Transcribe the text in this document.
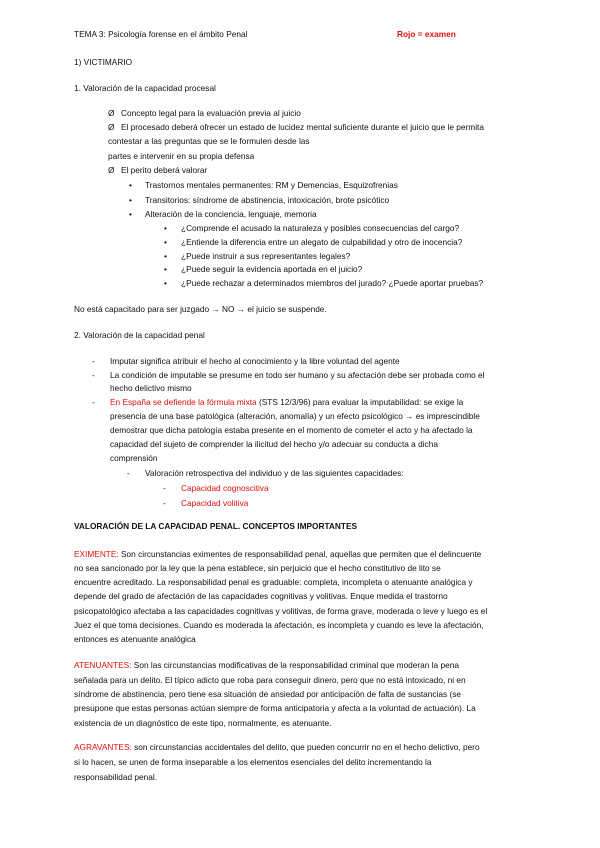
TEMA 3: Psicología forense en el ámbito Penal	Rojo = examen
1) VICTIMARIO
1. Valoración de la capacidad procesal
Ø Concepto legal para la evaluación previa al juicio
Ø El procesado deberá ofrecer un estado de lucidez mental suficiente durante el juicio que le permita
contestar a las preguntas que se le formulen desde las
partes e intervenir en su propia defensa
Ø El perito deberá valorar
• Trastornos mentales permanentes: RM y Demencias, Esquizofrenias
• Transitorios: síndrome de abstinencia, intoxicación, brote psicótico
• Alteración de la conciencia, lenguaje, memoria
• ¿Comprende el acusado la naturaleza y posibles consecuencias del cargo?
• ¿Entiende la diferencia entre un alegato de culpabilidad y otro de inocencia?
• ¿Puede instruir a sus representantes legales?
• ¿Puede seguir la evidencia aportada en el juicio?
• ¿Puede rechazar a determinados miembros del jurado? ¿Puede aportar pruebas?
No está capacitado para ser juzgado → NO → el juicio se suspende.
2. Valoración de la capacidad penal
- Imputar significa atribuir el hecho al conocimiento y la libre voluntad del agente
- La condición de imputable se presume en todo ser humano y su afectación debe ser probada como el
hecho delictivo mismo
- En España se defiende la fórmula mixta (STS 12/3/96) para evaluar la imputabilidad: se exige la
presencia de una base patológica (alteración, anomalía) y un efecto psicológico → es imprescindible
demostrar que dicha patología estaba presente en el momento de cometer el acto y ha afectado la
capacidad del sujeto de comprender la ilicitud del hecho y/o adecuar su conducta a dicha
comprensión
- Valoración retrospectiva del individuo y de las siguientes capacidades:
- Capacidad cognoscitiva
- Capacidad volitiva
VALORACIÓN DE LA CAPACIDAD PENAL. CONCEPTOS IMPORTANTES
EXIMENTE: Son circunstancias eximentes de responsabilidad penal, aquellas que permiten que el delincuente
no sea sancionado por la ley que la pena establece, sin perjuicio que el hecho constitutivo de lito se
encuentre acreditado. La responsabilidad penal es graduable: completa, incompleta o atenuante analógica y
depende del grado de afectación de las capacidades cognitivas y volitivas. Enque medida el trastorno
psicopatológico afectaba a las capacidades cognitivas y volitivas, de forma grave, moderada o leve y luego es el
Juez el que toma decisiones. Cuando es moderada la afectación, es incompleta y cuando es leve la afectación,
entonces es atenuante analógica
ATENUANTES: Son las circunstancias modificativas de la responsabilidad criminal que moderan la pena
señalada para un delito. El típico adicto que roba para conseguir dinero, pero que no está intoxicado, ni en
síndrome de abstinencia, pero tiene esa situación de ansiedad por anticipación de falta de sustancias (se
presupone que estas personas actúan siempre de forma anticipatoria y afecta a la voluntad de actuación). La
existencia de un diagnóstico de este tipo, normalmente, es atenuante.
AGRAVANTES: son circunstancias accidentales del delito, que pueden concurrir no en el hecho delictivo, pero
si lo hacen, se unen de forma inseparable a los elementos esenciales del delito incrementando la
responsabilidad penal.
